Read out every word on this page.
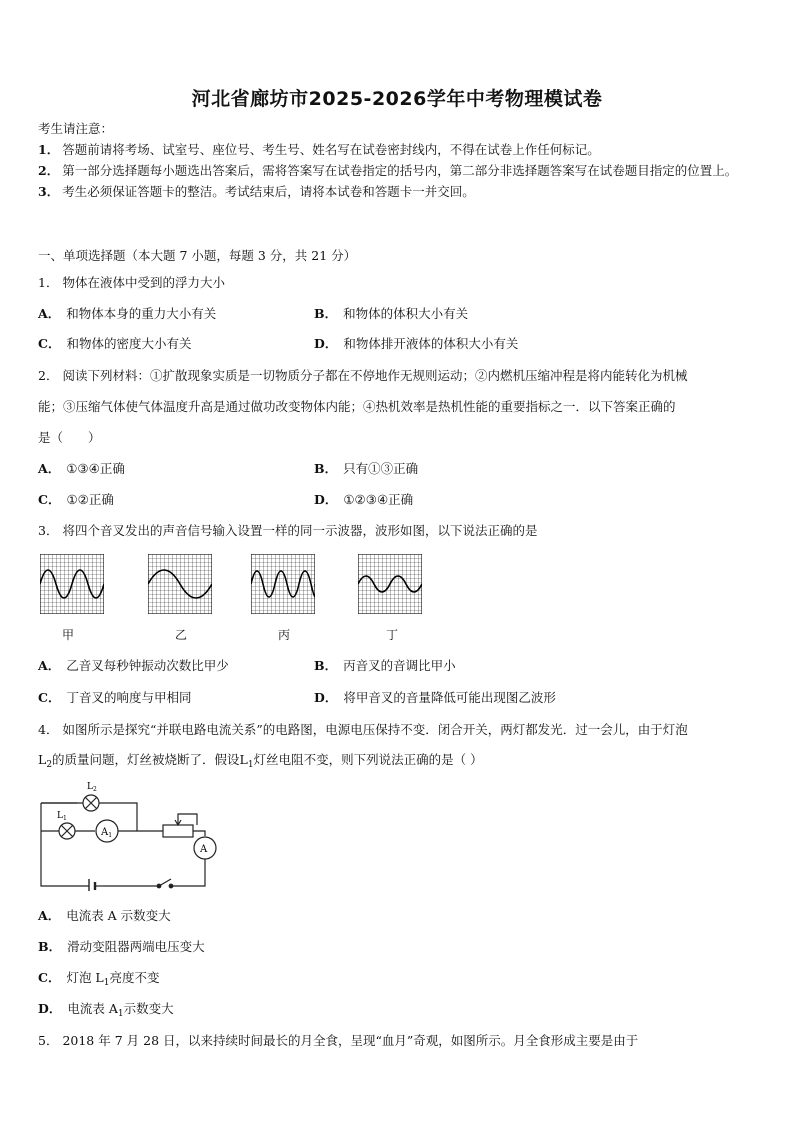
河北省廊坊市2025-2026学年中考物理模试卷

考生请注意：

1． 答题前请将考场、试室号、座位号、考生号、姓名写在试卷密封线内，不得在试卷上作任何标记。

2． 第一部分选择题每小题选出答案后，需将答案写在试卷指定的括号内，第二部分非选择题答案写在试卷题目指定的位置上。

3． 考生必须保证答题卡的整洁。考试结束后，请将本试卷和答题卡一并交回。

一、单项选择题（本大题 7 小题，每题 3 分，共 21 分）
1． 物体在液体中受到的浮力大小
A． 和物体本身的重力大小有关	B． 和物体的体积大小有关
C． 和物体的密度大小有关	D． 和物体排开液体的体积大小有关
2． 阅读下列材料：①扩散现象实质是一切物质分子都在不停地作无规则运动；②内燃机压缩冲程是将内能转化为机械
能；③压缩气体使气体温度升高是通过做功改变物体内能；④热机效率是热机性能的重要指标之一．以下答案正确的
是（　　）
A． ①③④正确	B． 只有①③正确
C． ①②正确	D． ①②③④正确
3． 将四个音叉发出的声音信号输入设置一样的同一示波器，波形如图，以下说法正确的是
甲	乙	丙	丁
A． 乙音叉每秒钟振动次数比甲少	B． 丙音叉的音调比甲小
C． 丁音叉的响度与甲相同	D． 将甲音叉的音量降低可能出现图乙波形
4． 如图所示是探究“并联电路电流关系”的电路图，电源电压保持不变．闭合开关，两灯都发光．过一会儿，由于灯泡
$L_2$的质量问题，灯丝被烧断了．假设$L_1$灯丝电阻不变，则下列说法正确的是（ ）
$L_2$
$L_1$
$A_1$
A
A． 电流表 A 示数变大
B． 滑动变阻器两端电压变大
C． 灯泡 $L_1$亮度不变
D． 电流表 $A_1$示数变大
5． 2018 年 7 月 28 日，以来持续时间最长的月全食，呈现“血月”奇观，如图所示。月全食形成主要是由于
